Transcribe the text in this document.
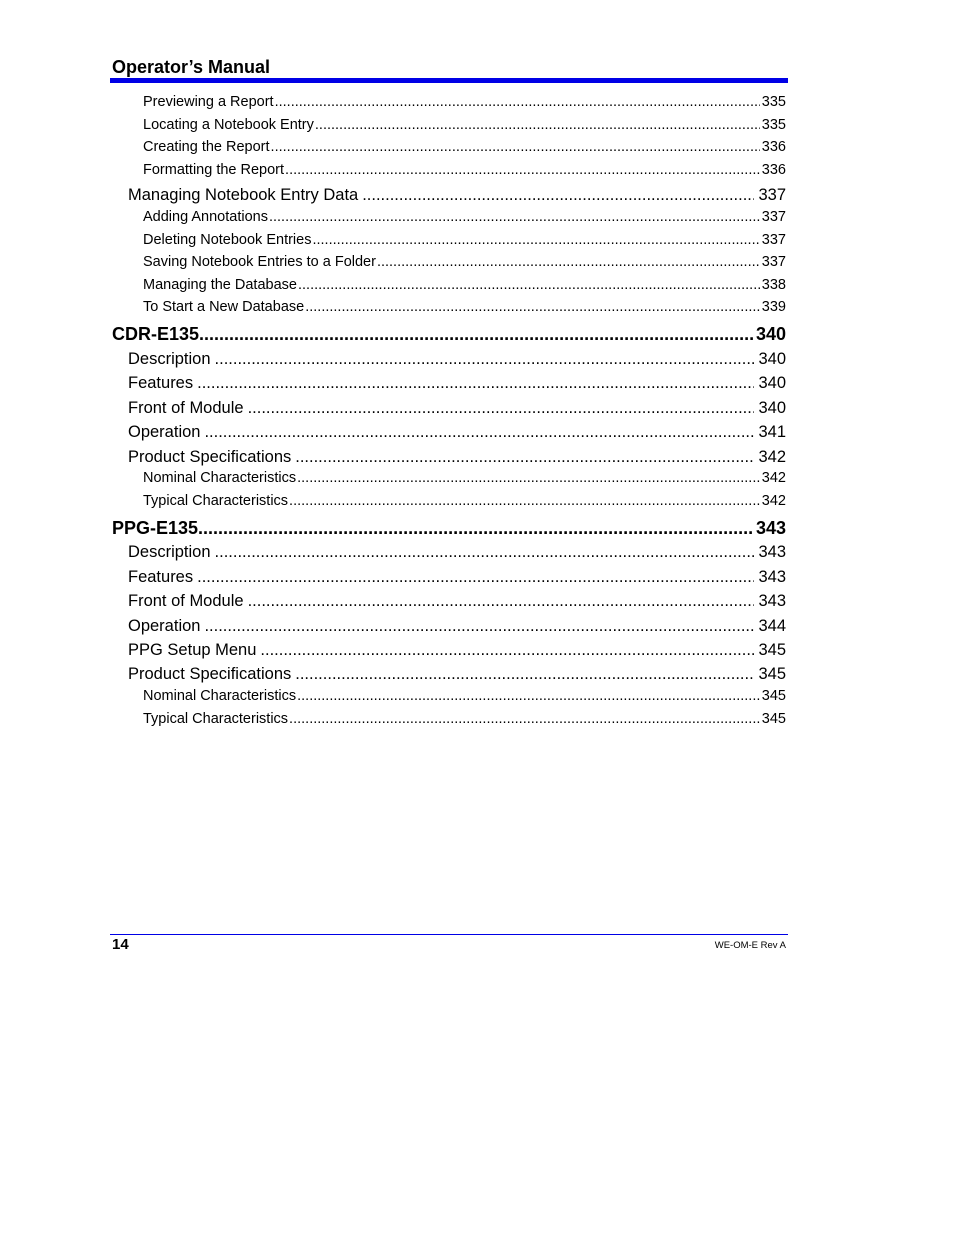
Operator’s Manual
Previewing a Report .....	335
Locating a Notebook Entry .....	335
Creating the Report .....	336
Formatting the Report .....	336
Managing Notebook Entry Data .....	337
Adding Annotations .....	337
Deleting Notebook Entries .....	337
Saving Notebook Entries to a Folder .....	337
Managing the Database .....	338
To Start a New Database .....	339
CDR-E135 .....	340
Description .....	340
Features .....	340
Front of Module .....	340
Operation .....	341
Product Specifications .....	342
Nominal Characteristics .....	342
Typical Characteristics .....	342
PPG-E135 .....	343
Description .....	343
Features .....	343
Front of Module .....	343
Operation .....	344
PPG Setup Menu .....	345
Product Specifications .....	345
Nominal Characteristics .....	345
Typical Characteristics .....	345
14	WE-OM-E Rev A
